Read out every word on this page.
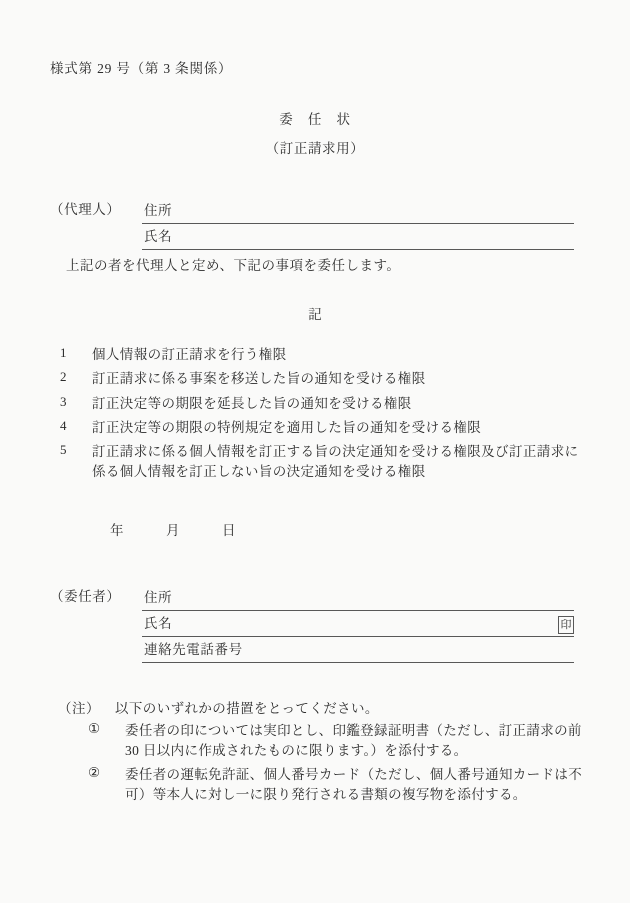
様式第 29 号（第 3 条関係）
委　任　状
（訂正請求用）
（代理人） 住所
氏名
上記の者を代理人と定め、下記の事項を委任します。
記
1	個人情報の訂正請求を行う権限
2	訂正請求に係る事案を移送した旨の通知を受ける権限
3	訂正決定等の期限を延長した旨の通知を受ける権限
4	訂正決定等の期限の特例規定を適用した旨の通知を受ける権限
5	訂正請求に係る個人情報を訂正する旨の決定通知を受ける権限及び訂正請求に係る個人情報を訂正しない旨の決定通知を受ける権限
年　　　月　　　日
（委任者） 住所
氏名	印
連絡先電話番号
（注） 以下のいずれかの措置をとってください。
① 委任者の印については実印とし、印鑑登録証明書（ただし、訂正請求の前 30 日以内に作成されたものに限ります。）を添付する。
② 委任者の運転免許証、個人番号カード（ただし、個人番号通知カードは不可）等本人に対し一に限り発行される書類の複写物を添付する。
